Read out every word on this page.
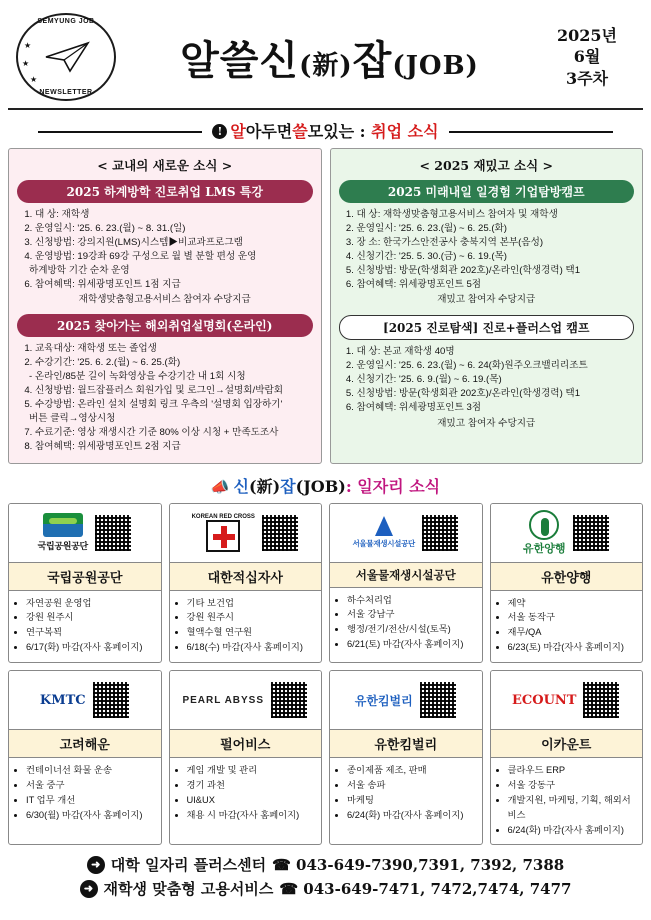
SEMYUNG JOB
NEWSLETTER
★
★
★	알쓸신(新)잡(JOB)
2025년
6월
3주차
! 알아두면쓸모있는 : 취업 소식
< 교내의 새로운 소식 >
2025 하계방학 진로취업 LMS 특강
1. 대 상: 재학생
2. 운영일시: '25. 6. 23.(월) ~ 8. 31.(일)
3. 신청방법: 강의지원(LMS)시스템▶비교과프로그램
4. 운영방법: 19강좌 69강 구성으로 월 별 분할 편성 운영
하계방학 기간 순차 운영
6. 참여혜택: 위세광명포인트 1점 지급
재학생맞춤형고용서비스 참여자 수당지급
2025 찾아가는 해외취업설명회(온라인)
1. 교육대상: 재학생 또는 졸업생
2. 수강기간: '25. 6. 2.(월) ~ 6. 25.(화)
- 온라인/85분 길이 녹화영상을 수강기간 내 1회 시청
4. 신청방법: 월드잡플러스 회원가입 및 로그인→설명회/박람회
5. 수강방법: 온라인 설치 설명회 링크 우측의 '설명회 입장하기'
버튼 클릭→영상시청
7. 수료기준: 영상 재생시간 기준 80% 이상 시청 + 만족도조사
8. 참여혜택: 위세광명포인트 2점 지급
< 2025 재밌고 소식 >
2025 미래내일 일경험 기업탐방캠프
1. 대 상: 재학생맞춤형고용서비스 참여자 및 재학생
2. 운영일시: '25. 6. 23.(월) ~ 6. 25.(화)
3. 장 소: 한국가스안전공사 충북지역 본부(음성)
4. 신청기간: '25. 5. 30.(금) ~ 6. 19.(목)
5. 신청방법: 방문(학생회관 202호)/온라인(학생경력) 택1
6. 참여혜택: 위세광명포인트 5점
재밌고 참여자 수당지급
[2025 진로탐색] 진로+플러스업 캠프
1. 대 상: 본교 재학생 40명
2. 운영일시: '25. 6. 23.(월) ~ 6. 24(화)원주오크밸리리조트
4. 신청기간: '25. 6. 9.(월) ~ 6. 19.(목)
5. 신청방법: 방문(학생회관 202호)/온라인(학생경력) 택1
6. 참여혜택: 위세광명포인트 3점
재밌고 참여자 수당지급
📣 신(新)잡(JOB): 일자리 소식
국립공원공단
국립공원공단
• 자연공원 운영업
• 강원 원주시
• 연구복꾁
• 6/17(화) 마감(자사 홈페이지)
KOREAN RED CROSS
대한적십자사
• 기타 보건업
• 강원 원주시
• 혈액수혈 연구원
• 6/18(수) 마감(자사 홈페이지)
서울물재생시설공단
서울물재생시설공단
• 하수처리업
• 서울 강남구
• 행정/전기/전산/시설(토목)
• 6/21(토) 마감(자사 홈페이지)
유한양행
유한양행
• 제약
• 서울 동작구
• 재무/QA
• 6/23(토) 마감(자사 홈페이지)
KMTC
고려해운
• 컨테이너선 화물 운송
• 서울 중구
• IT 업무 개선
• 6/30(월) 마감(자사 홈페이지)
PEARL ABYSS
펄어비스
• 게임 개발 및 관리
• 경기 과천
• UI&UX
• 채용 시 마감(자사 홈페이지)
유한킴벌리
유한킴벌리
• 종이제품 제조, 판매
• 서울 송파
• 마케팅
• 6/24(화) 마감(자사 홈페이지)
ECOUNT
이카운트
• 클라우드 ERP
• 서울 강동구
• 개발지원, 마케팅, 기획, 해외서비스
• 6/24(화) 마감(자사 홈페이지)
➜ 대학 일자리 플러스센터 ☎ 043-649-7390,7391, 7392, 7388
➜ 재학생 맞춤형 고용서비스 ☎ 043-649-7471, 7472,7474, 7477
